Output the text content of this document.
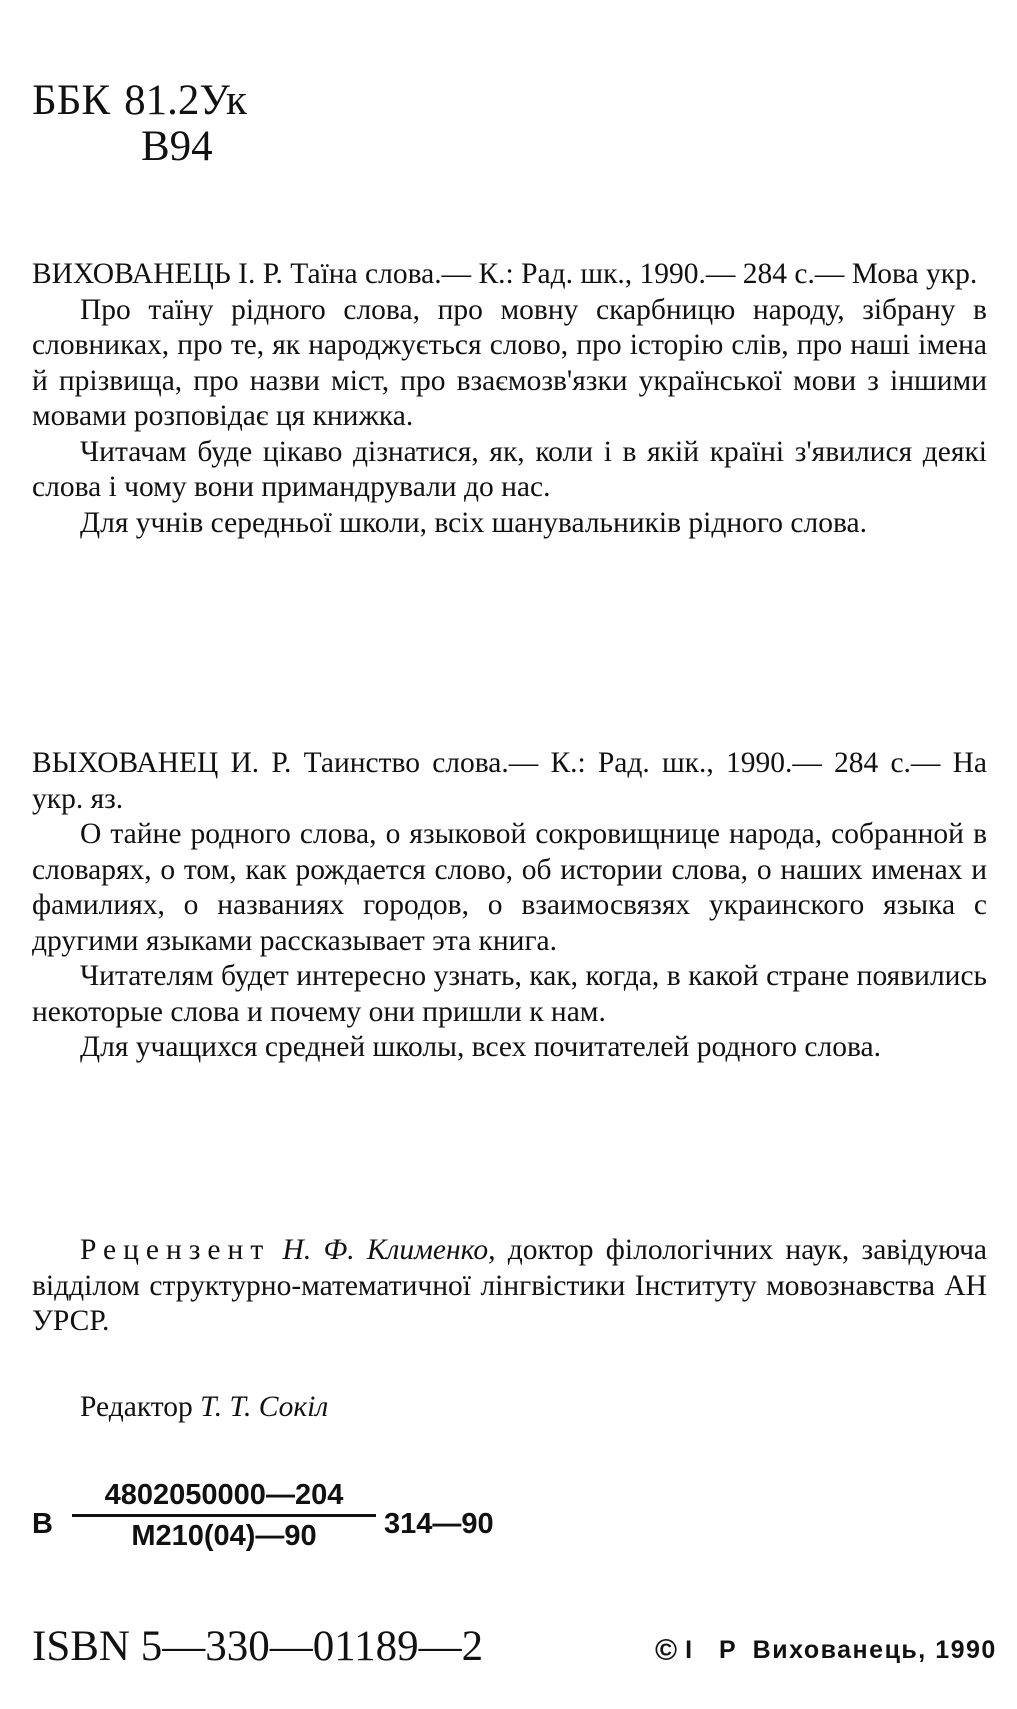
ББК 81.2Ук
В94

ВИХОВАНЕЦЬ І. Р. Таїна слова.— К.: Рад. шк., 1990.— 284 с.— Мова укр.

Про таїну рідного слова, про мовну скарбницю народу, зібрану в словниках, про те, як народжується слово, про історію слів, про наші імена й прізвища, про назви міст, про взаємозв'язки української мови з іншими мовами розповідає ця книжка.

Читачам буде цікаво дізнатися, як, коли і в якій країні з'явилися деякі слова і чому вони примандрували до нас.

Для учнів середньої школи, всіх шанувальників рідного слова.

ВЫХОВАНЕЦ И. Р. Таинство слова.— К.: Рад. шк., 1990.— 284 с.— На укр. яз.

О тайне родного слова, о языковой сокровищнице народа, собранной в словарях, о том, как рождается слово, об истории слова, о наших именах и фамилиях, о названиях городов, о взаимосвязях украинского языка с другими языками рассказывает эта книга.

Читателям будет интересно узнать, как, когда, в какой стране появились некоторые слова и почему они пришли к нам.

Для учащихся средней школы, всех почитателей родного слова.

Рецензент Н. Ф. Клименко, доктор філологічних наук, завідуюча відділом структурно-математичної лінгвістики Інституту мовознавства АН УРСР.

Редактор Т. Т. Сокіл

В
4802050000—204
М210(04)—90	314—90
ISBN 5—330—01189—2	© І Р Вихованець, 1990
